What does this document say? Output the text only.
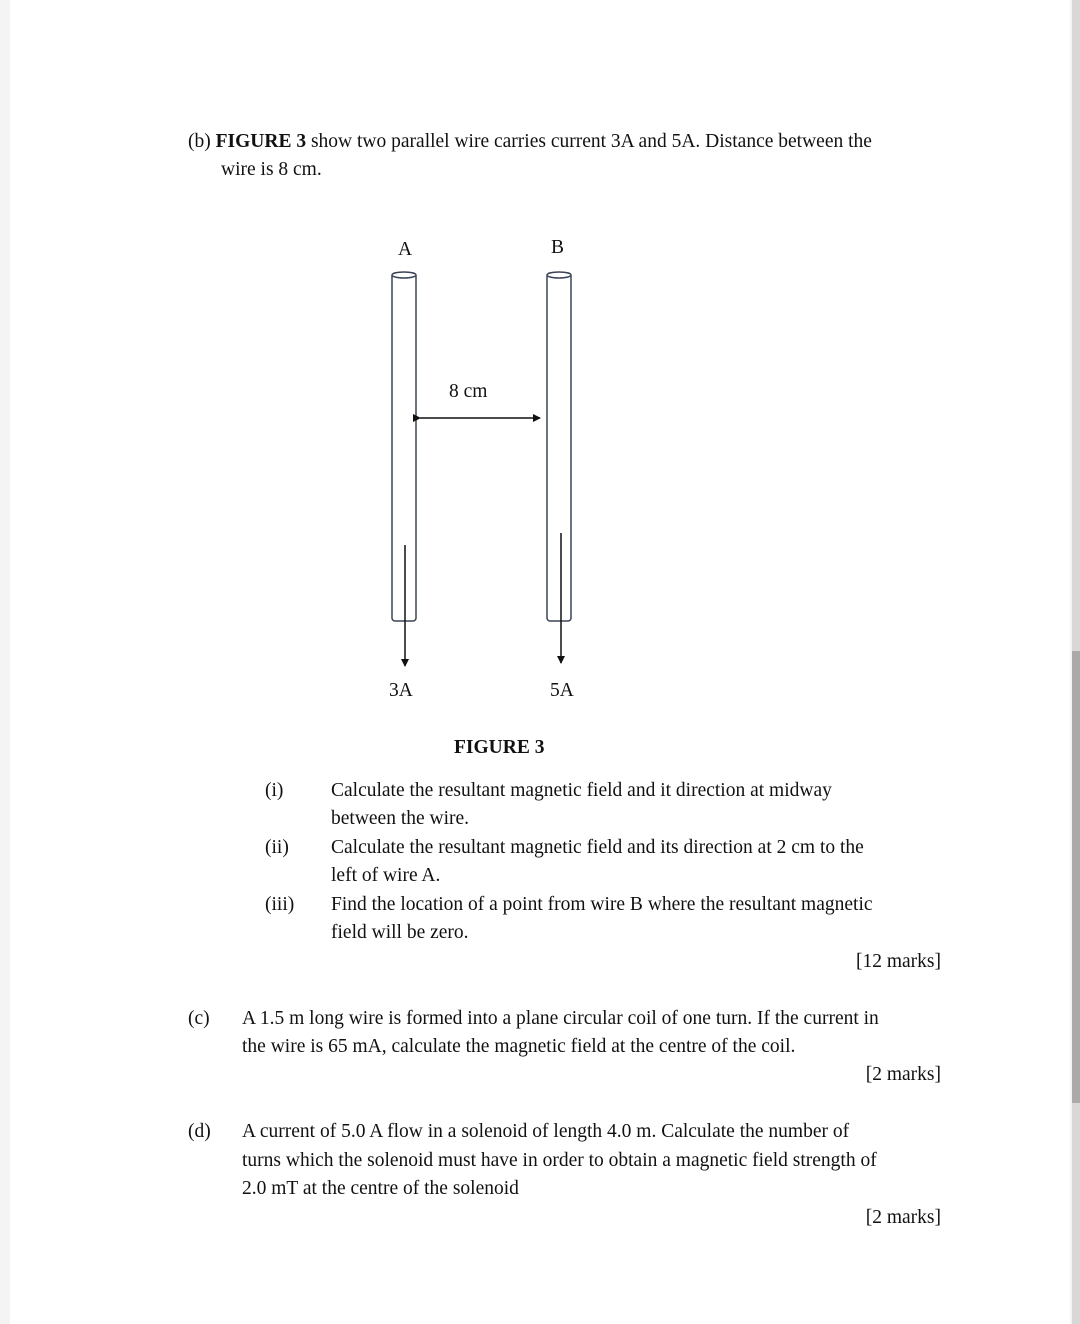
(b) FIGURE 3 show two parallel wire carries current 3A and 5A. Distance between the
wire is 8 cm.
A	B
8 cm
3A	5A
FIGURE 3
(i) Calculate the resultant magnetic field and it direction at midway
between the wire.
(ii) Calculate the resultant magnetic field and its direction at 2 cm to the
left of wire A.
(iii) Find the location of a point from wire B where the resultant magnetic
field will be zero.
[12 marks]
(c) A 1.5 m long wire is formed into a plane circular coil of one turn. If the current in
the wire is 65 mA, calculate the magnetic field at the centre of the coil.
[2 marks]
(d) A current of 5.0 A flow in a solenoid of length 4.0 m. Calculate the number of
turns which the solenoid must have in order to obtain a magnetic field strength of
2.0 mT at the centre of the solenoid
[2 marks]
